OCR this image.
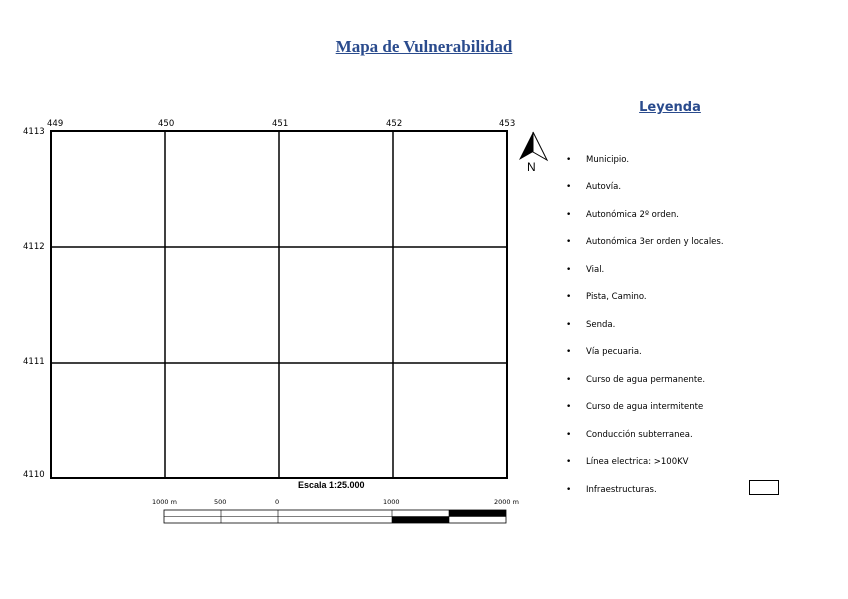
Mapa de Vulnerabilidad
449	450	451	452	453
4113
4112
4111
4110
N
Escala 1:25.000
1000 m	500	0	1000	2000 m
Leyenda
•	Municipio.
•	Autovía.
•	Autonómica 2º orden.
•	Autonómica 3er orden y locales.
•	Vial.
•	Pista, Camino.
•	Senda.
•	Vía pecuaria.
•	Curso de agua permanente.
•	Curso de agua intermitente
•	Conducción subterranea.
•	Línea electrica: >100KV
•	Infraestructuras.
